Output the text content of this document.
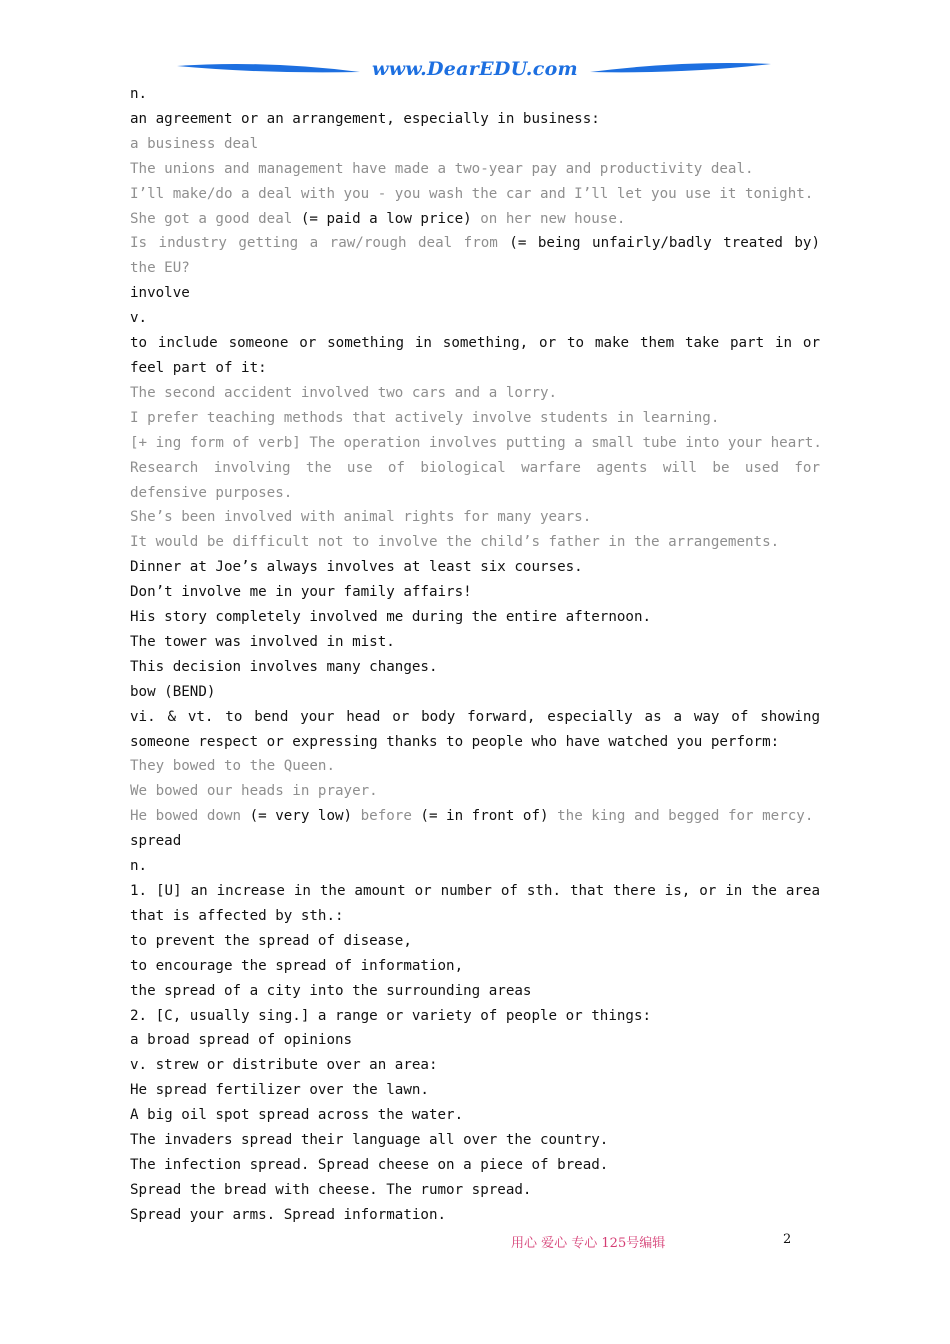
www.DearEDU.com
n.
an agreement or an arrangement, especially in business:
a business deal
The unions and management have made a two-year pay and productivity deal.
I’ll make/do a deal with you - you wash the car and I’ll let you use it tonight.
She got a good deal (= paid a low price) on her new house.
Is industry getting a raw/rough deal from (= being unfairly/badly treated by) the EU?
involve
v.
to include someone or something in something, or to make them take part in or feel part of it:
The second accident involved two cars and a lorry.
I prefer teaching methods that actively involve students in learning.
[+ ing form of verb] The operation involves putting a small tube into your heart.
Research involving the use of biological warfare agents will be used for defensive purposes.
She’s been involved with animal rights for many years.
It would be difficult not to involve the child’s father in the arrangements.
Dinner at Joe’s always involves at least six courses.
Don’t involve me in your family affairs!
His story completely involved me during the entire afternoon.
The tower was involved in mist.
This decision involves many changes.
bow (BEND)
vi. & vt. to bend your head or body forward, especially as a way of showing someone respect or expressing thanks to people who have watched you perform:
They bowed to the Queen.
We bowed our heads in prayer.
He bowed down (= very low) before (= in front of) the king and begged for mercy.
spread
n.
1. [U] an increase in the amount or number of sth. that there is, or in the area that is affected by sth.:
to prevent the spread of disease,
to encourage the spread of information,
the spread of a city into the surrounding areas
2. [C, usually sing.] a range or variety of people or things:
a broad spread of opinions
v. strew or distribute over an area:
He spread fertilizer over the lawn.
A big oil spot spread across the water.
The invaders spread their language all over the country.
The infection spread. Spread cheese on a piece of bread.
Spread the bread with cheese. The rumor spread.
Spread your arms. Spread information.
用心 爱心 专心 125号编辑	2
